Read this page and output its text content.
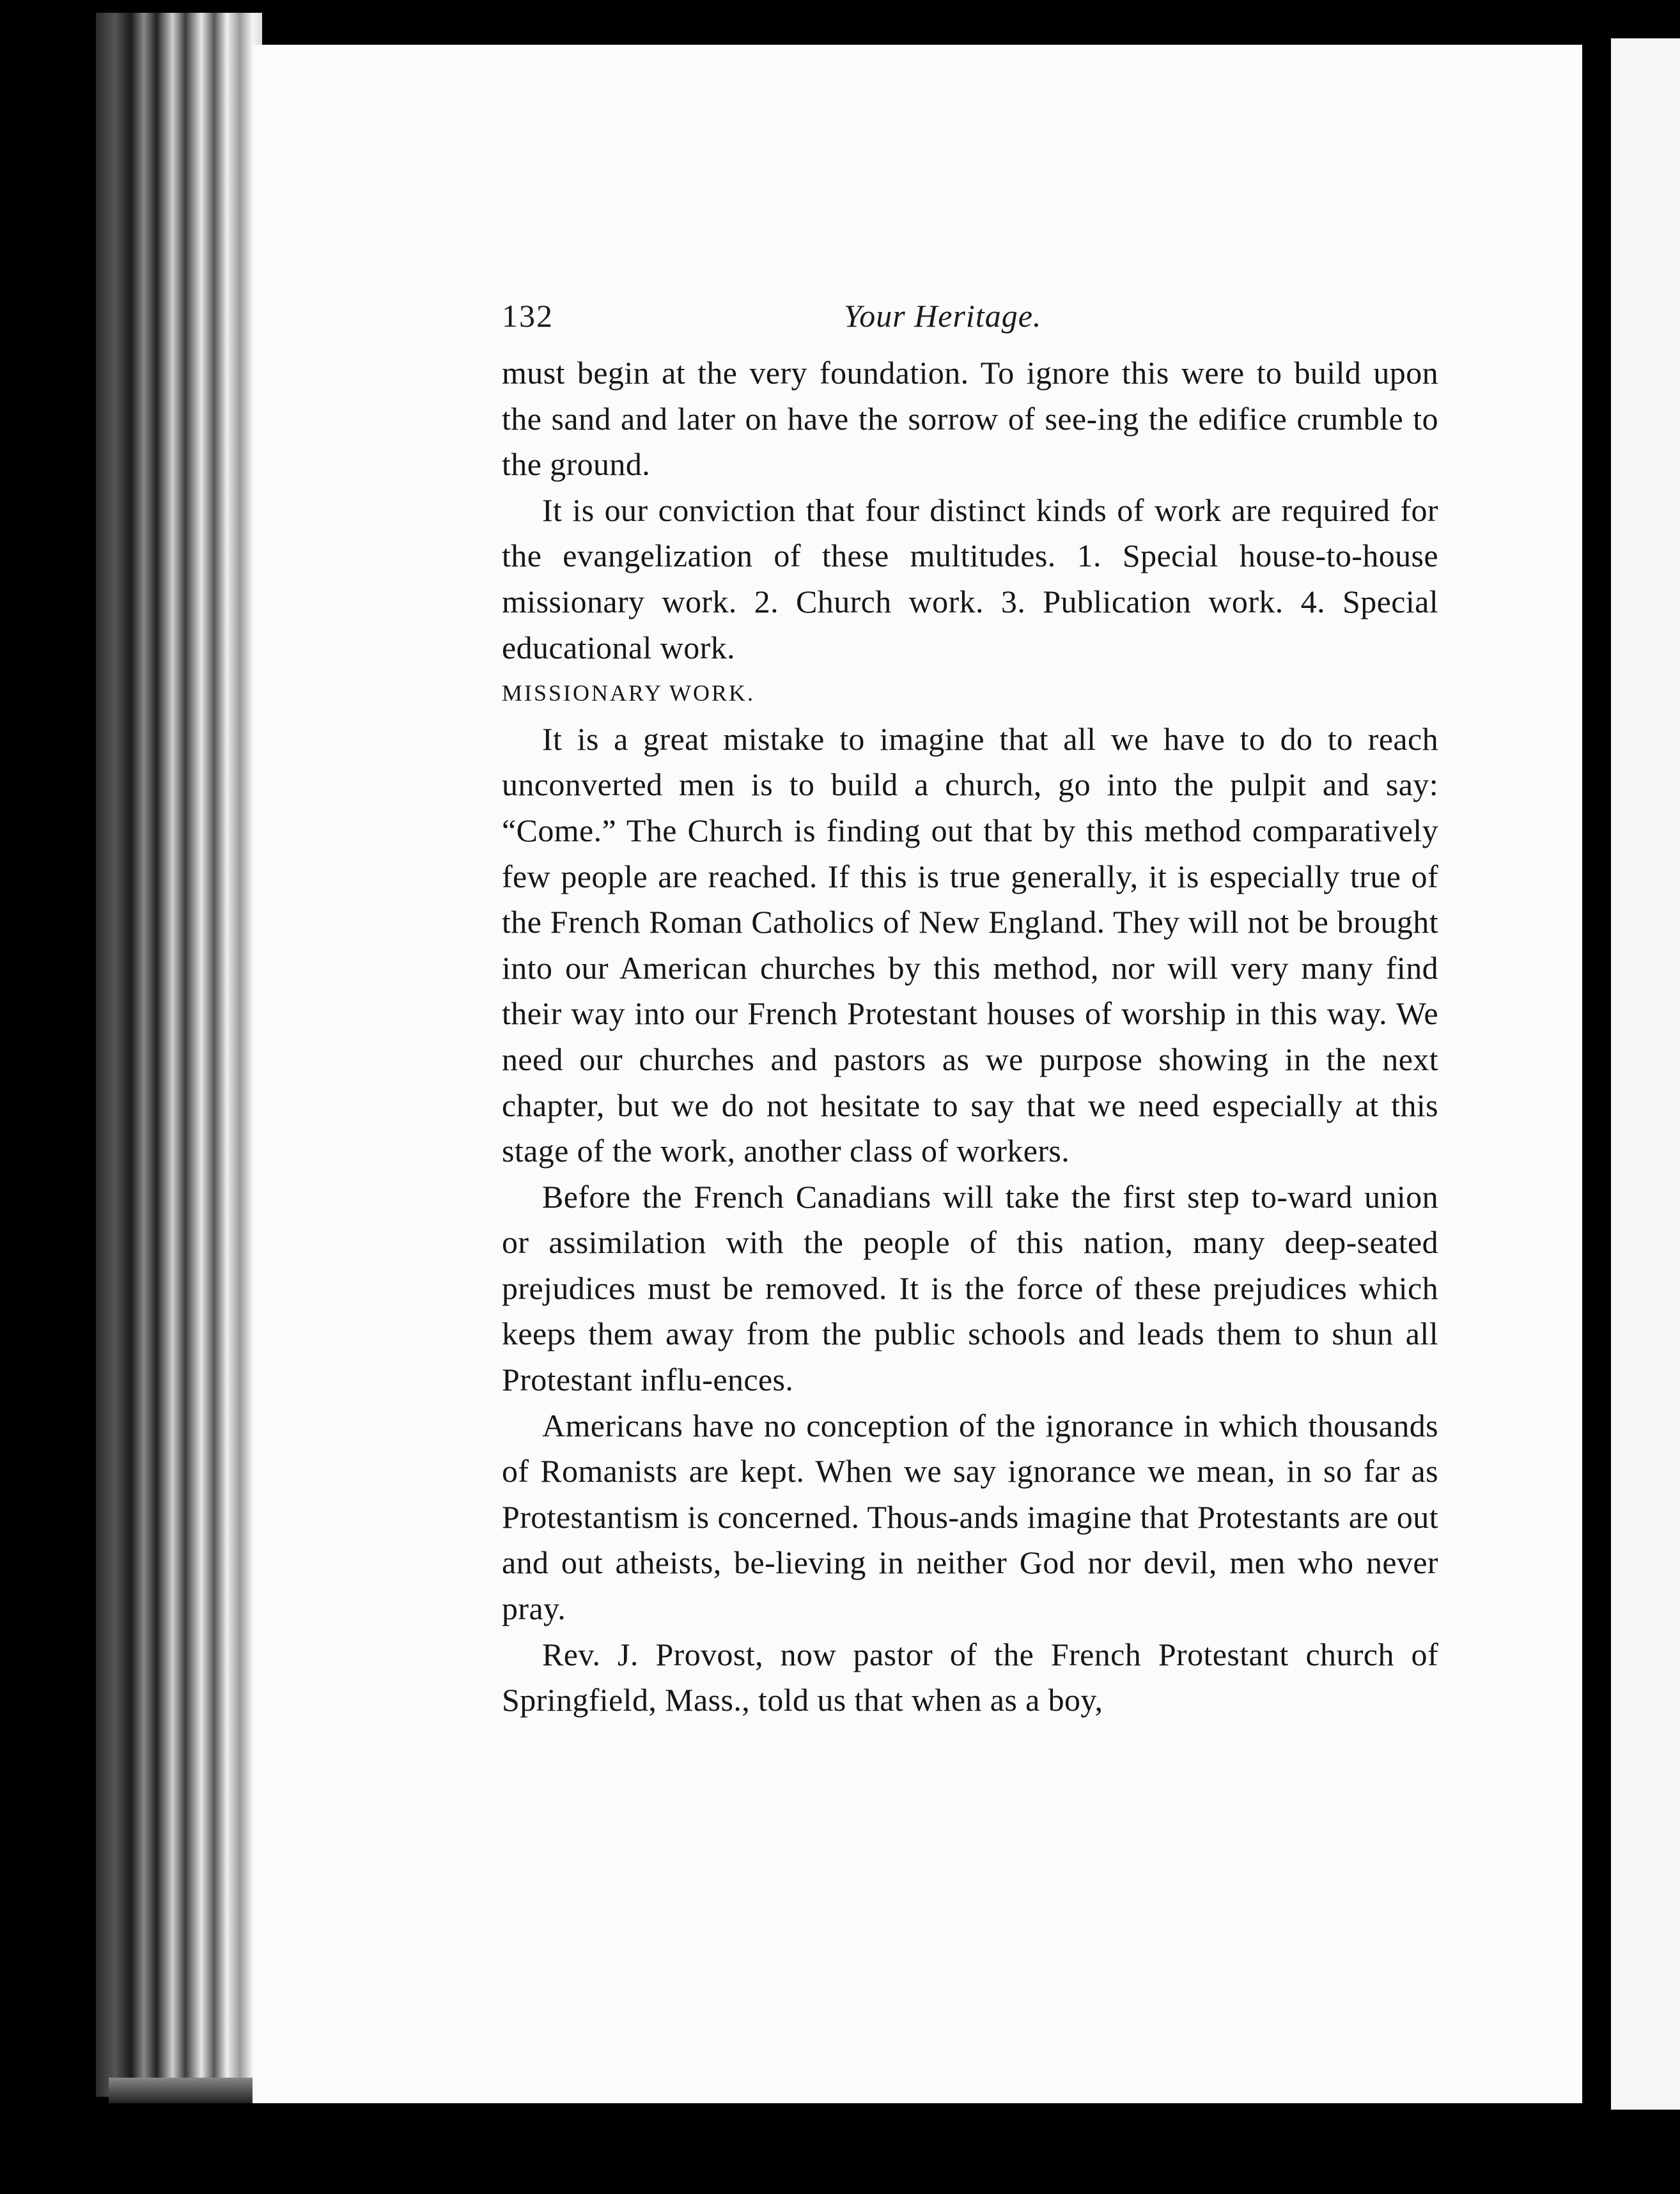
132	Your Heritage.

must begin at the very foundation. To ignore this were to build upon the sand and later on have the sorrow of see-ing the edifice crumble to the ground.

It is our conviction that four distinct kinds of work are required for the evangelization of these multitudes. 1. Special house-to-house missionary work. 2. Church work. 3. Publication work. 4. Special educational work.

MISSIONARY WORK.

It is a great mistake to imagine that all we have to do to reach unconverted men is to build a church, go into the pulpit and say: “Come.” The Church is finding out that by this method comparatively few people are reached. If this is true generally, it is especially true of the French Roman Catholics of New England. They will not be brought into our American churches by this method, nor will very many find their way into our French Protestant houses of worship in this way. We need our churches and pastors as we purpose showing in the next chapter, but we do not hesitate to say that we need especially at this stage of the work, another class of workers.

Before the French Canadians will take the first step to-ward union or assimilation with the people of this nation, many deep-seated prejudices must be removed. It is the force of these prejudices which keeps them away from the public schools and leads them to shun all Protestant influ-ences.

Americans have no conception of the ignorance in which thousands of Romanists are kept. When we say ignorance we mean, in so far as Protestantism is concerned. Thous-ands imagine that Protestants are out and out atheists, be-lieving in neither God nor devil, men who never pray.

Rev. J. Provost, now pastor of the French Protestant church of Springfield, Mass., told us that when as a boy,
